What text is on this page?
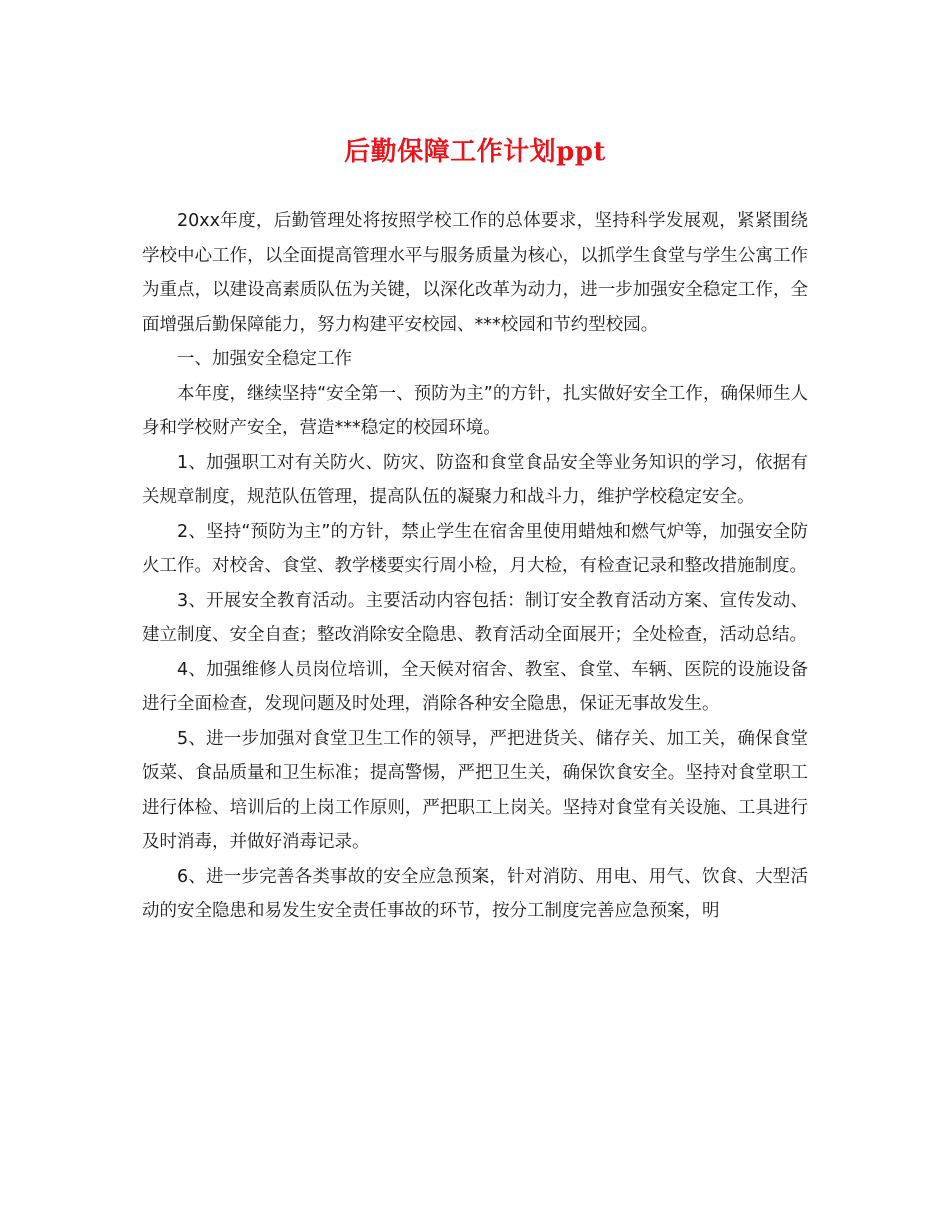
后勤保障工作计划ppt

20xx年度，后勤管理处将按照学校工作的总体要求，坚持科学发展观，紧紧围绕学校中心工作，以全面提高管理水平与服务质量为核心，以抓学生食堂与学生公寓工作为重点，以建设高素质队伍为关键，以深化改革为动力，进一步加强安全稳定工作，全面增强后勤保障能力，努力构建平安校园、***校园和节约型校园。

一、加强安全稳定工作

本年度，继续坚持“安全第一、预防为主”的方针，扎实做好安全工作，确保师生人身和学校财产安全，营造***稳定的校园环境。

1、加强职工对有关防火、防灾、防盗和食堂食品安全等业务知识的学习，依据有关规章制度，规范队伍管理，提高队伍的凝聚力和战斗力，维护学校稳定安全。

2、坚持“预防为主”的方针，禁止学生在宿舍里使用蜡烛和燃气炉等，加强安全防火工作。对校舍、食堂、教学楼要实行周小检，月大检，有检查记录和整改措施制度。

3、开展安全教育活动。主要活动内容包括：制订安全教育活动方案、宣传发动、建立制度、安全自查；整改消除安全隐患、教育活动全面展开；全处检查，活动总结。

4、加强维修人员岗位培训，全天候对宿舍、教室、食堂、车辆、医院的设施设备进行全面检查，发现问题及时处理，消除各种安全隐患，保证无事故发生。

5、进一步加强对食堂卫生工作的领导，严把进货关、储存关、加工关，确保食堂饭菜、食品质量和卫生标准；提高警惕，严把卫生关，确保饮食安全。坚持对食堂职工进行体检、培训后的上岗工作原则，严把职工上岗关。坚持对食堂有关设施、工具进行及时消毒，并做好消毒记录。

6、进一步完善各类事故的安全应急预案，针对消防、用电、用气、饮食、大型活动的安全隐患和易发生安全责任事故的环节，按分工制度完善应急预案，明
